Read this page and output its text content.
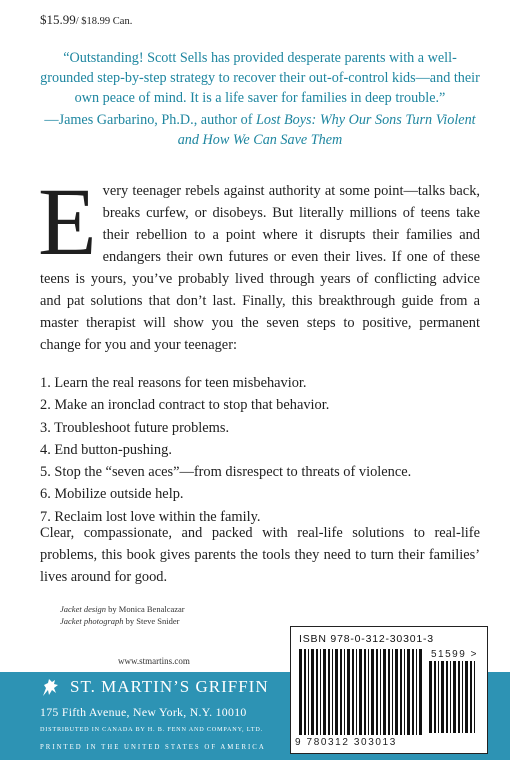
$15.99/ $18.99 Can.
“Outstanding! Scott Sells has provided desperate parents with a well-grounded step-by-step strategy to recover their out-of-control kids—and their own peace of mind. It is a life saver for families in deep trouble.”
—James Garbarino, Ph.D., author of Lost Boys: Why Our Sons Turn Violent and How We Can Save Them
Every teenager rebels against authority at some point—talks back, breaks curfew, or disobeys. But literally millions of teens take their rebellion to a point where it disrupts their families and endangers their own futures or even their lives. If one of these teens is yours, you’ve probably lived through years of conflicting advice and pat solutions that don’t last. Finally, this breakthrough guide from a master therapist will show you the seven steps to positive, permanent change for you and your teenager:
1. Learn the real reasons for teen misbehavior.
2. Make an ironclad contract to stop that behavior.
3. Troubleshoot future problems.
4. End button-pushing.
5. Stop the “seven aces”—from disrespect to threats of violence.
6. Mobilize outside help.
7. Reclaim lost love within the family.
Clear, compassionate, and packed with real-life solutions to real-life problems, this book gives parents the tools they need to turn their families’ lives around for good.
Jacket design by Monica Benalcazar
Jacket photograph by Steve Snider
www.stmartins.com
ST. MARTIN’S GRIFFIN
175 Fifth Avenue, New York, N.Y. 10010
DISTRIBUTED IN CANADA BY H. B. FENN AND COMPANY, LTD.
PRINTED IN THE UNITED STATES OF AMERICA
ISBN 978-0-312-30301-3
51599 >
9 780312 303013
